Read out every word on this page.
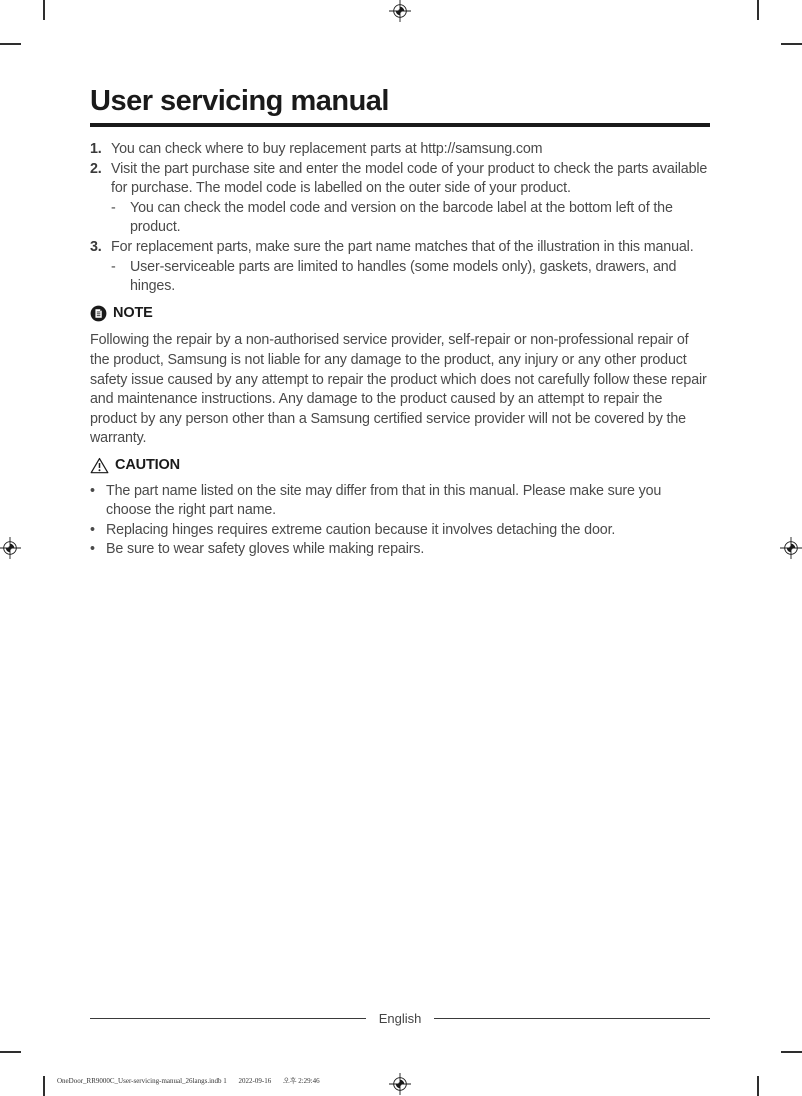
User servicing manual
1. You can check where to buy replacement parts at http://samsung.com
2. Visit the part purchase site and enter the model code of your product to check the parts available for purchase. The model code is labelled on the outer side of your product.
-	You can check the model code and version on the barcode label at the bottom left of the product.
3. For replacement parts, make sure the part name matches that of the illustration in this manual.
-	User-serviceable parts are limited to handles (some models only), gaskets, drawers, and hinges.
NOTE

Following the repair by a non-authorised service provider, self-repair or non-professional repair of the product, Samsung is not liable for any damage to the product, any injury or any other product safety issue caused by any attempt to repair the product which does not carefully follow these repair and maintenance instructions. Any damage to the product caused by an attempt to repair the product by any person other than a Samsung certified service provider will not be covered by the warranty.

CAUTION
• The part name listed on the site may differ from that in this manual. Please make sure you choose the right part name.
• Replacing hinges requires extreme caution because it involves detaching the door.
• Be sure to wear safety gloves while making repairs.
English
OneDoor_RR9000C_User-servicing-manual_26langs.indb 1 2022-09-16 오후 2:29:46
